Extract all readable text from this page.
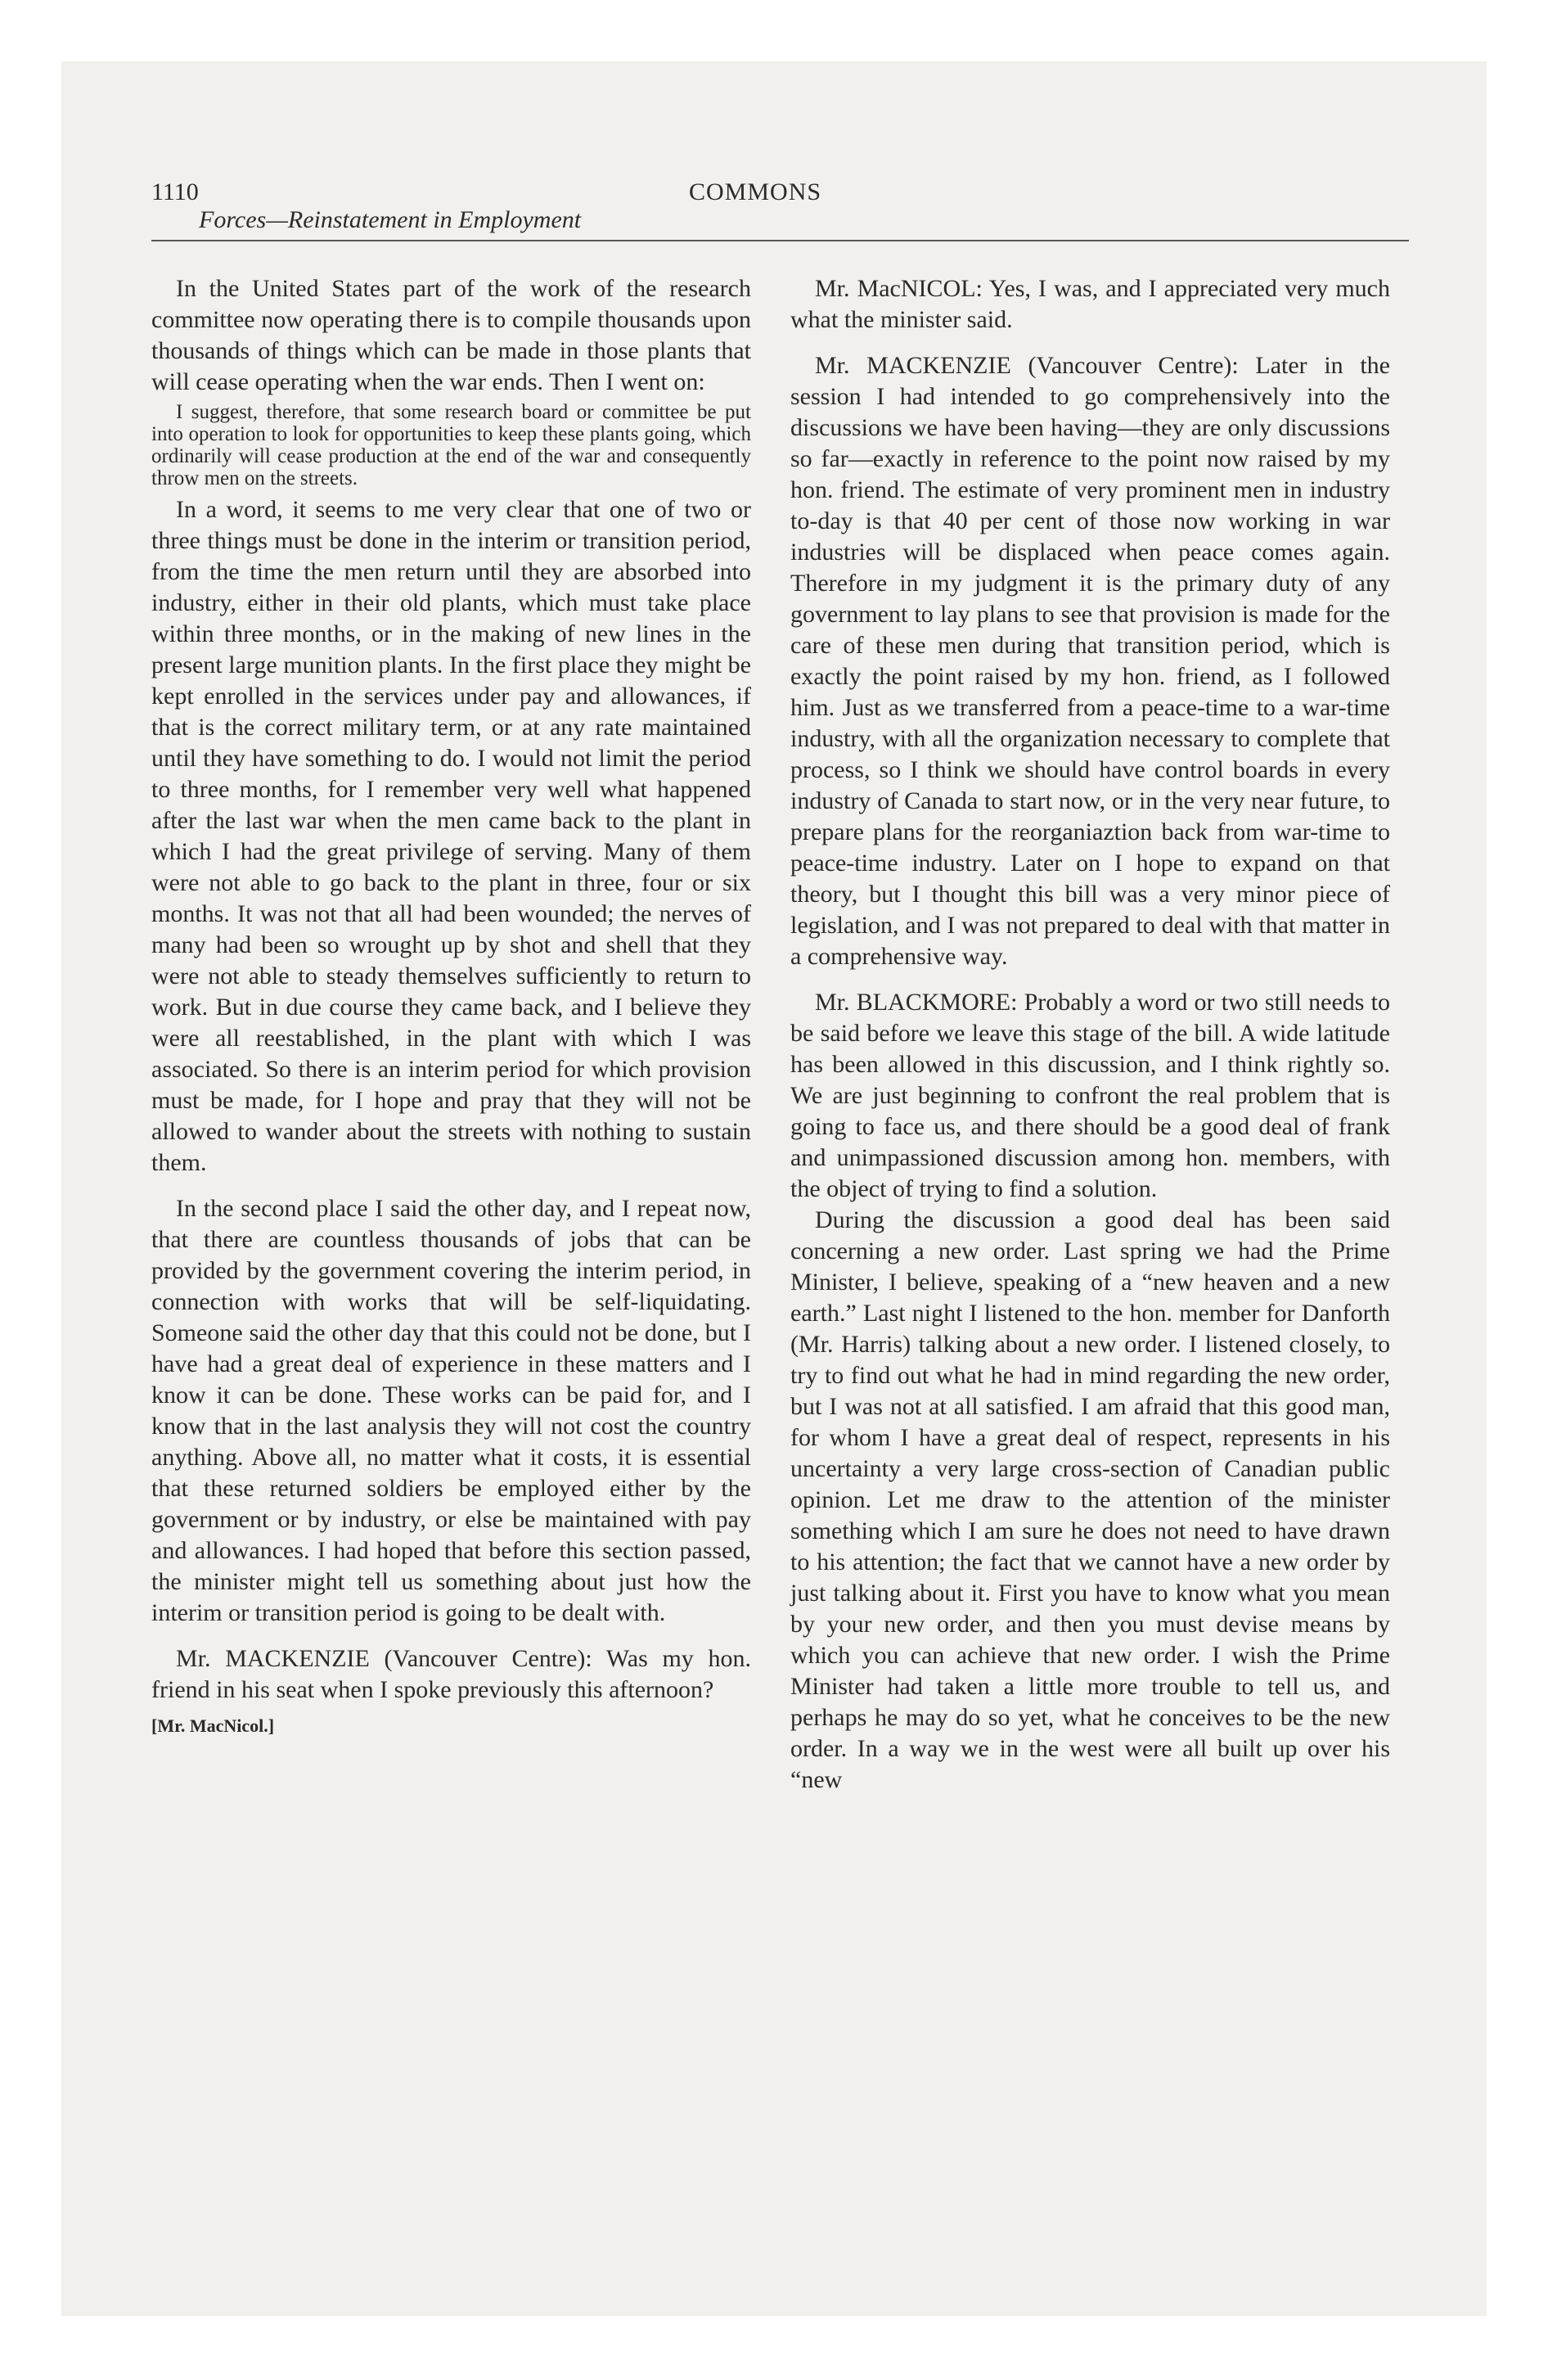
1110	COMMONS
Forces—Reinstatement in Employment

In the United States part of the work of the research committee now operating there is to compile thousands upon thousands of things which can be made in those plants that will cease operating when the war ends. Then I went on:

I suggest, therefore, that some research board or committee be put into operation to look for opportunities to keep these plants going, which ordinarily will cease production at the end of the war and consequently throw men on the streets.

In a word, it seems to me very clear that one of two or three things must be done in the interim or transition period, from the time the men return until they are absorbed into industry, either in their old plants, which must take place within three months, or in the making of new lines in the present large munition plants. In the first place they might be kept enrolled in the services under pay and allowances, if that is the correct military term, or at any rate maintained until they have something to do. I would not limit the period to three months, for I remember very well what happened after the last war when the men came back to the plant in which I had the great privilege of serving. Many of them were not able to go back to the plant in three, four or six months. It was not that all had been wounded; the nerves of many had been so wrought up by shot and shell that they were not able to steady themselves sufficiently to return to work. But in due course they came back, and I believe they were all reestablished, in the plant with which I was associated. So there is an interim period for which provision must be made, for I hope and pray that they will not be allowed to wander about the streets with nothing to sustain them.

In the second place I said the other day, and I repeat now, that there are countless thousands of jobs that can be provided by the government covering the interim period, in connection with works that will be self-liquidating. Someone said the other day that this could not be done, but I have had a great deal of experience in these matters and I know it can be done. These works can be paid for, and I know that in the last analysis they will not cost the country anything. Above all, no matter what it costs, it is essential that these returned soldiers be employed either by the government or by industry, or else be maintained with pay and allowances. I had hoped that before this section passed, the minister might tell us something about just how the interim or transition period is going to be dealt with.

Mr. MACKENZIE (Vancouver Centre): Was my hon. friend in his seat when I spoke previously this afternoon?

[Mr. MacNicol.]

Mr. MacNICOL: Yes, I was, and I appreciated very much what the minister said.

Mr. MACKENZIE (Vancouver Centre): Later in the session I had intended to go comprehensively into the discussions we have been having—they are only discussions so far—exactly in reference to the point now raised by my hon. friend. The estimate of very prominent men in industry to-day is that 40 per cent of those now working in war industries will be displaced when peace comes again. Therefore in my judgment it is the primary duty of any government to lay plans to see that provision is made for the care of these men during that transition period, which is exactly the point raised by my hon. friend, as I followed him. Just as we transferred from a peace-time to a war-time industry, with all the organization necessary to complete that process, so I think we should have control boards in every industry of Canada to start now, or in the very near future, to prepare plans for the reorganiaztion back from war-time to peace-time industry. Later on I hope to expand on that theory, but I thought this bill was a very minor piece of legislation, and I was not prepared to deal with that matter in a comprehensive way.

Mr. BLACKMORE: Probably a word or two still needs to be said before we leave this stage of the bill. A wide latitude has been allowed in this discussion, and I think rightly so. We are just beginning to confront the real problem that is going to face us, and there should be a good deal of frank and unimpassioned discussion among hon. members, with the object of trying to find a solution.

During the discussion a good deal has been said concerning a new order. Last spring we had the Prime Minister, I believe, speaking of a “new heaven and a new earth.” Last night I listened to the hon. member for Danforth (Mr. Harris) talking about a new order. I listened closely, to try to find out what he had in mind regarding the new order, but I was not at all satisfied. I am afraid that this good man, for whom I have a great deal of respect, represents in his uncertainty a very large cross-section of Canadian public opinion. Let me draw to the attention of the minister something which I am sure he does not need to have drawn to his attention; the fact that we cannot have a new order by just talking about it. First you have to know what you mean by your new order, and then you must devise means by which you can achieve that new order. I wish the Prime Minister had taken a little more trouble to tell us, and perhaps he may do so yet, what he conceives to be the new order. In a way we in the west were all built up over his “new
